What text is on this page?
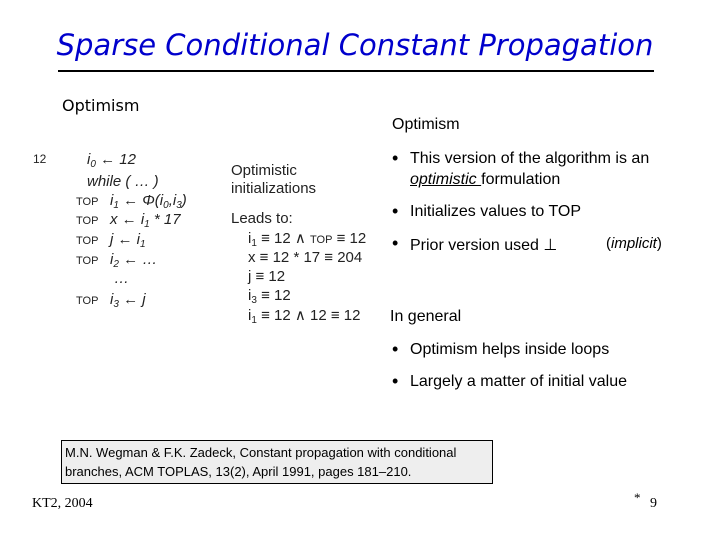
Sparse Conditional Constant Propagation
Optimism
Optimism
12	$i_0$ ← 12
while ( … )
TOP $i_1$ ← $\Phi(i_0,i_3)$
TOP x ← $i_1 * 17$
TOP j ← $i_1$
TOP $i_2$ ← …
…
TOP $i_3$ ← j
Optimistic
initializations
Leads to:
$i_1 \equiv 12$ ∧ TOP ≡ 12
x ≡ 12 * 17 ≡ 204
j ≡ 12
$i_3 \equiv 12$
$i_1 \equiv 12$ ∧ 12 ≡ 12
• This version of the algorithm is an
optimistic formulation
• Initializes values to TOP
• Prior version used ⊥	(implicit)
In general
• Optimism helps inside loops
• Largely a matter of initial value
M.N. Wegman & F.K. Zadeck, Constant propagation with conditional branches, ACM TOPLAS, 13(2), April 1991, pages 181–210.
KT2, 2004	* 9
